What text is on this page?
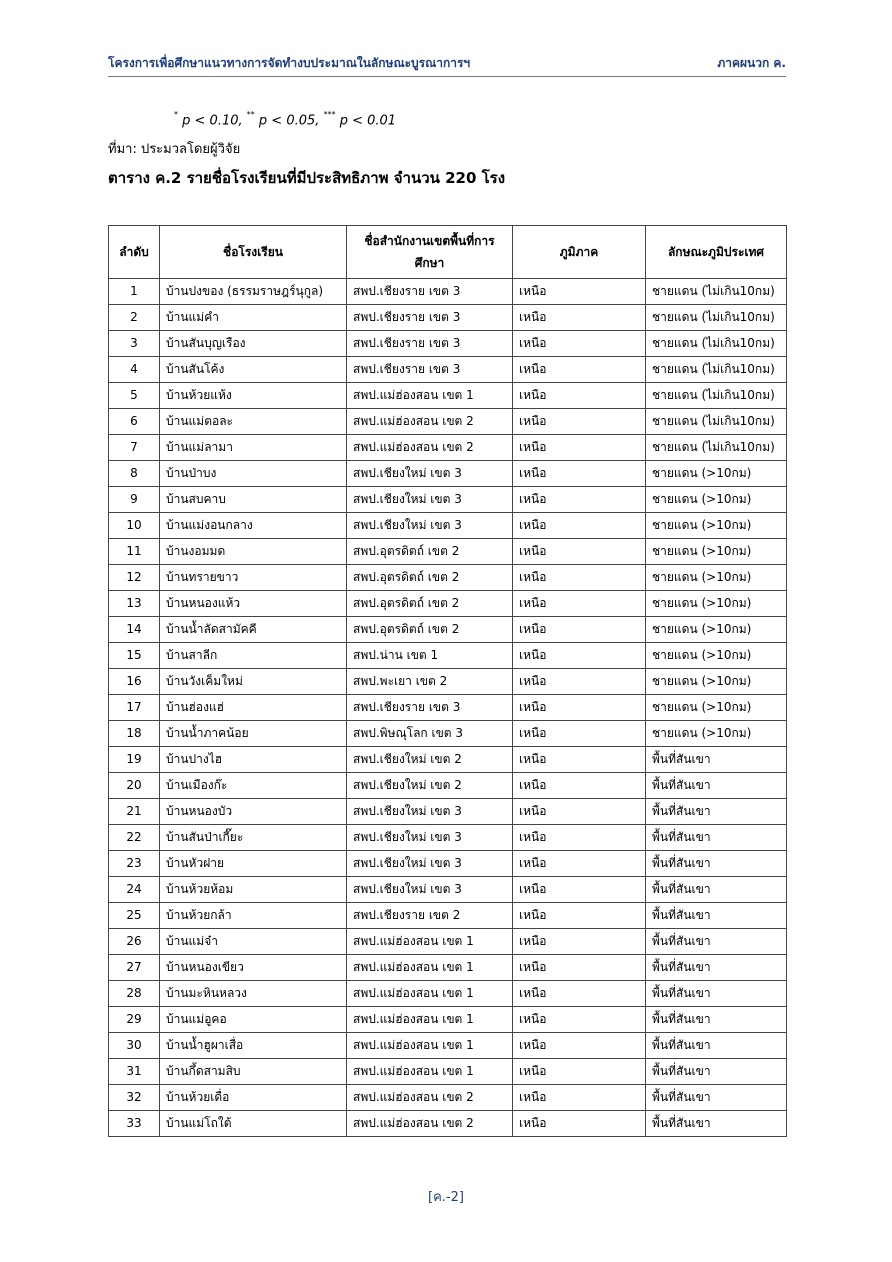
โครงการเพื่อศึกษาแนวทางการจัดทำงบประมาณในลักษณะบูรณาการฯ	ภาคผนวก ค.
* p < 0.10, ** p < 0.05, *** p < 0.01
ที่มา: ประมวลโดยผู้วิจัย
ตาราง ค.2 รายชื่อโรงเรียนที่มีประสิทธิภาพ จำนวน 220 โรง
ลำดับ	ชื่อโรงเรียน	ชื่อสำนักงานเขตพื้นที่การศึกษา	ภูมิภาค	ลักษณะภูมิประเทศ
1	บ้านปงของ (ธรรมราษฎร์นุกูล)	สพป.เชียงราย เขต 3	เหนือ	ชายแดน (ไม่เกิน10กม)
2	บ้านแม่คำ	สพป.เชียงราย เขต 3	เหนือ	ชายแดน (ไม่เกิน10กม)
3	บ้านสันบุญเรือง	สพป.เชียงราย เขต 3	เหนือ	ชายแดน (ไม่เกิน10กม)
4	บ้านสันโค้ง	สพป.เชียงราย เขต 3	เหนือ	ชายแดน (ไม่เกิน10กม)
5	บ้านห้วยแห้ง	สพป.แม่ฮ่องสอน เขต 1	เหนือ	ชายแดน (ไม่เกิน10กม)
6	บ้านแม่ตอละ	สพป.แม่ฮ่องสอน เขต 2	เหนือ	ชายแดน (ไม่เกิน10กม)
7	บ้านแม่ลามา	สพป.แม่ฮ่องสอน เขต 2	เหนือ	ชายแดน (ไม่เกิน10กม)
8	บ้านป่าบง	สพป.เชียงใหม่ เขต 3	เหนือ	ชายแดน (>10กม)
9	บ้านสบคาบ	สพป.เชียงใหม่ เขต 3	เหนือ	ชายแดน (>10กม)
10	บ้านแม่งอนกลาง	สพป.เชียงใหม่ เขต 3	เหนือ	ชายแดน (>10กม)
11	บ้านงอมมด	สพป.อุตรดิตถ์ เขต 2	เหนือ	ชายแดน (>10กม)
12	บ้านทรายขาว	สพป.อุตรดิตถ์ เขต 2	เหนือ	ชายแดน (>10กม)
13	บ้านหนองแห้ว	สพป.อุตรดิตถ์ เขต 2	เหนือ	ชายแดน (>10กม)
14	บ้านน้ำลัดสามัคคี	สพป.อุตรดิตถ์ เขต 2	เหนือ	ชายแดน (>10กม)
15	บ้านสาลีก	สพป.น่าน เขต 1	เหนือ	ชายแดน (>10กม)
16	บ้านวังเค็มใหม่	สพป.พะเยา เขต 2	เหนือ	ชายแดน (>10กม)
17	บ้านฮ่องแฮ่	สพป.เชียงราย เขต 3	เหนือ	ชายแดน (>10กม)
18	บ้านน้ำภาคน้อย	สพป.พิษณุโลก เขต 3	เหนือ	ชายแดน (>10กม)
19	บ้านปางไฮ	สพป.เชียงใหม่ เขต 2	เหนือ	พื้นที่สันเขา
20	บ้านเมืองก๊ะ	สพป.เชียงใหม่ เขต 2	เหนือ	พื้นที่สันเขา
21	บ้านหนองบัว	สพป.เชียงใหม่ เขต 3	เหนือ	พื้นที่สันเขา
22	บ้านสันป่าเกี๊ยะ	สพป.เชียงใหม่ เขต 3	เหนือ	พื้นที่สันเขา
23	บ้านหัวฝาย	สพป.เชียงใหม่ เขต 3	เหนือ	พื้นที่สันเขา
24	บ้านห้วยห้อม	สพป.เชียงใหม่ เขต 3	เหนือ	พื้นที่สันเขา
25	บ้านห้วยกล้า	สพป.เชียงราย เขต 2	เหนือ	พื้นที่สันเขา
26	บ้านแม่จ๋า	สพป.แม่ฮ่องสอน เขต 1	เหนือ	พื้นที่สันเขา
27	บ้านหนองเขียว	สพป.แม่ฮ่องสอน เขต 1	เหนือ	พื้นที่สันเขา
28	บ้านมะหินหลวง	สพป.แม่ฮ่องสอน เขต 1	เหนือ	พื้นที่สันเขา
29	บ้านแม่อูคอ	สพป.แม่ฮ่องสอน เขต 1	เหนือ	พื้นที่สันเขา
30	บ้านน้ำฮูผาเสื่อ	สพป.แม่ฮ่องสอน เขต 1	เหนือ	พื้นที่สันเขา
31	บ้านกึ้ดสามสิบ	สพป.แม่ฮ่องสอน เขต 1	เหนือ	พื้นที่สันเขา
32	บ้านห้วยเดื่อ	สพป.แม่ฮ่องสอน เขต 2	เหนือ	พื้นที่สันเขา
33	บ้านแม่โถใต้	สพป.แม่ฮ่องสอน เขต 2	เหนือ	พื้นที่สันเขา
[ค.-2]
